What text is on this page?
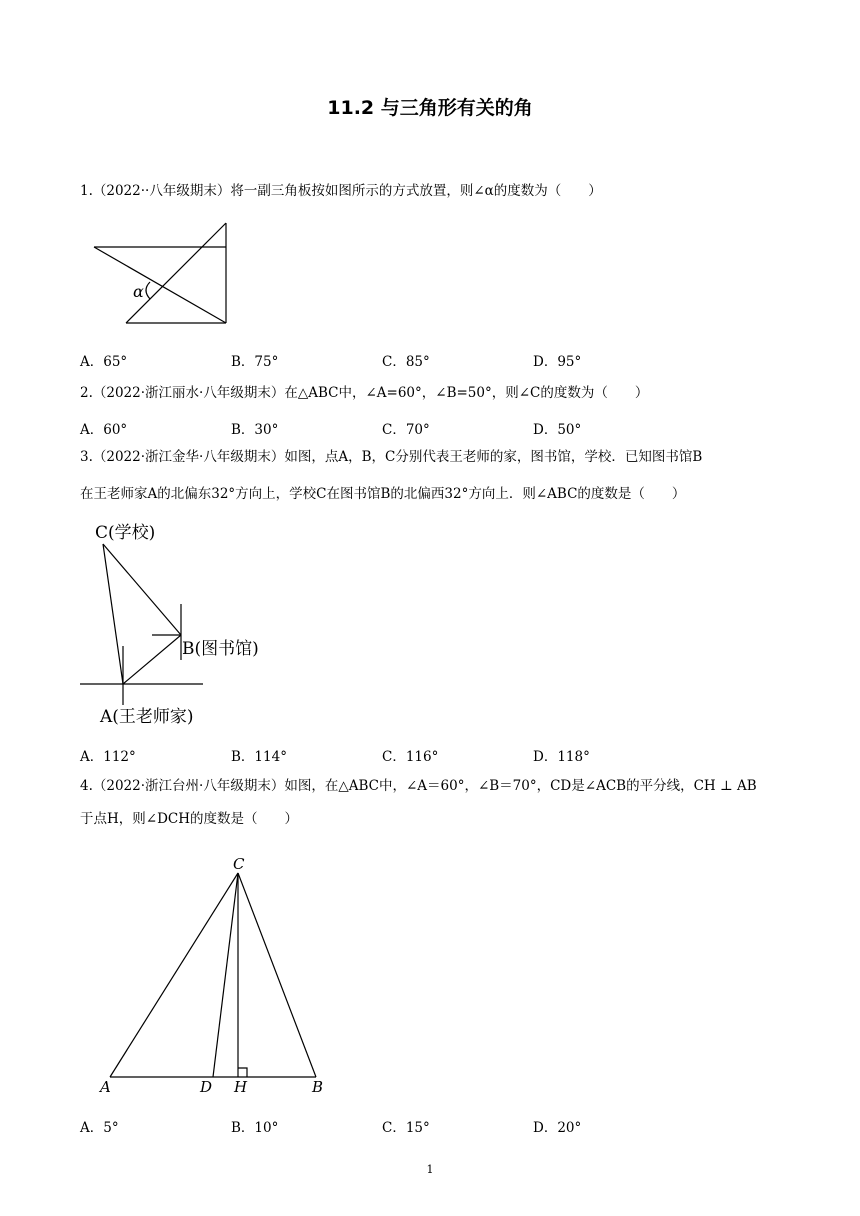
11.2 与三角形有关的角
1.（2022··八年级期末）将一副三角板按如图所示的方式放置，则∠α的度数为（　　）
α
A．65°	B．75°	C．85°	D．95°
2.（2022·浙江丽水·八年级期末）在△ABC中，∠A=60°，∠B=50°，则∠C的度数为（　　）
A．60°	B．30°	C．70°	D．50°
3.（2022·浙江金华·八年级期末）如图，点A，B，C分别代表王老师的家，图书馆，学校．已知图书馆B
在王老师家A的北偏东32°方向上，学校C在图书馆B的北偏西32°方向上．则∠ABC的度数是（　　）
C(学校)
B(图书馆)
A(王老师家)
A．112°	B．114°	C．116°	D．118°
4.（2022·浙江台州·八年级期末）如图，在△ABC中，∠A＝60°，∠B＝70°，CD是∠ACB的平分线，CH ⊥ AB
于点H，则∠DCH的度数是（　　）
C
A	D H	B
A．5°	B．10°	C．15°	D．20°
1
